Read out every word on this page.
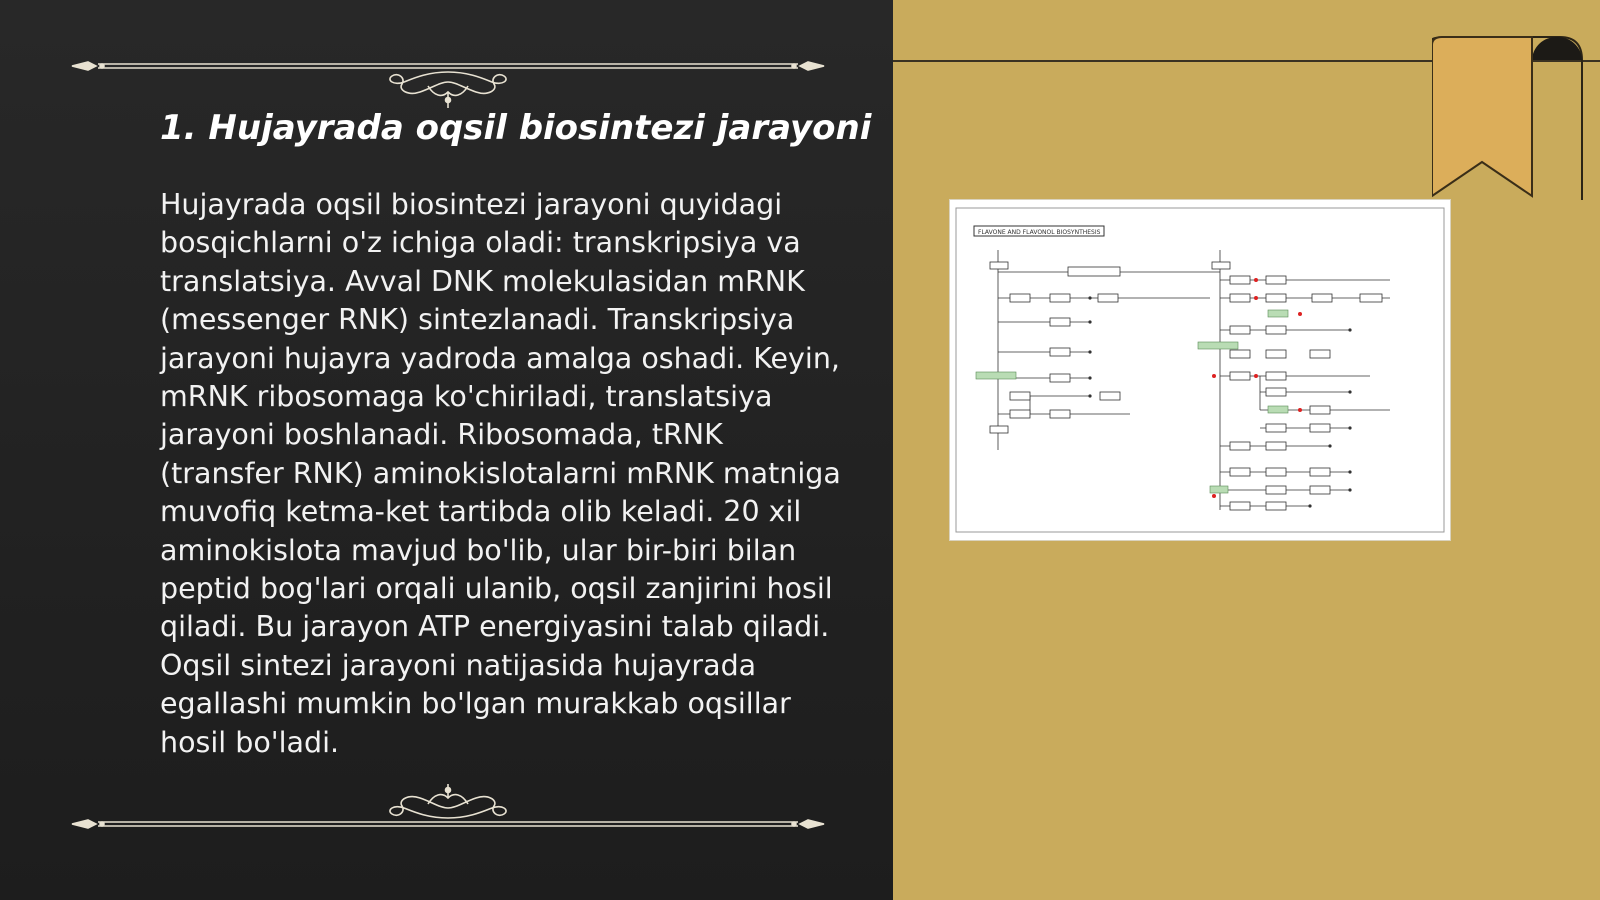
1. Hujayrada oqsil biosintezi jarayoni

Hujayrada oqsil biosintezi jarayoni quyidagi bosqichlarni o'z ichiga oladi: transkripsiya va translatsiya. Avval DNK molekulasidan mRNK (messenger RNK) sintezlanadi. Transkripsiya jarayoni hujayra yadroda amalga oshadi. Keyin, mRNK ribosomaga ko'chiriladi, translatsiya jarayoni boshlanadi. Ribosomada, tRNK (transfer RNK) aminokislotalarni mRNK matniga muvofiq ketma-ket tartibda olib keladi. 20 xil aminokislota mavjud bo'lib, ular bir-biri bilan peptid bog'lari orqali ulanib, oqsil zanjirini hosil qiladi. Bu jarayon ATP energiyasini talab qiladi. Oqsil sintezi jarayoni natijasida hujayrada egallashi mumkin bo'lgan murakkab oqsillar hosil bo'ladi.

FLAVONE AND FLAVONOL BIOSYNTHESIS
